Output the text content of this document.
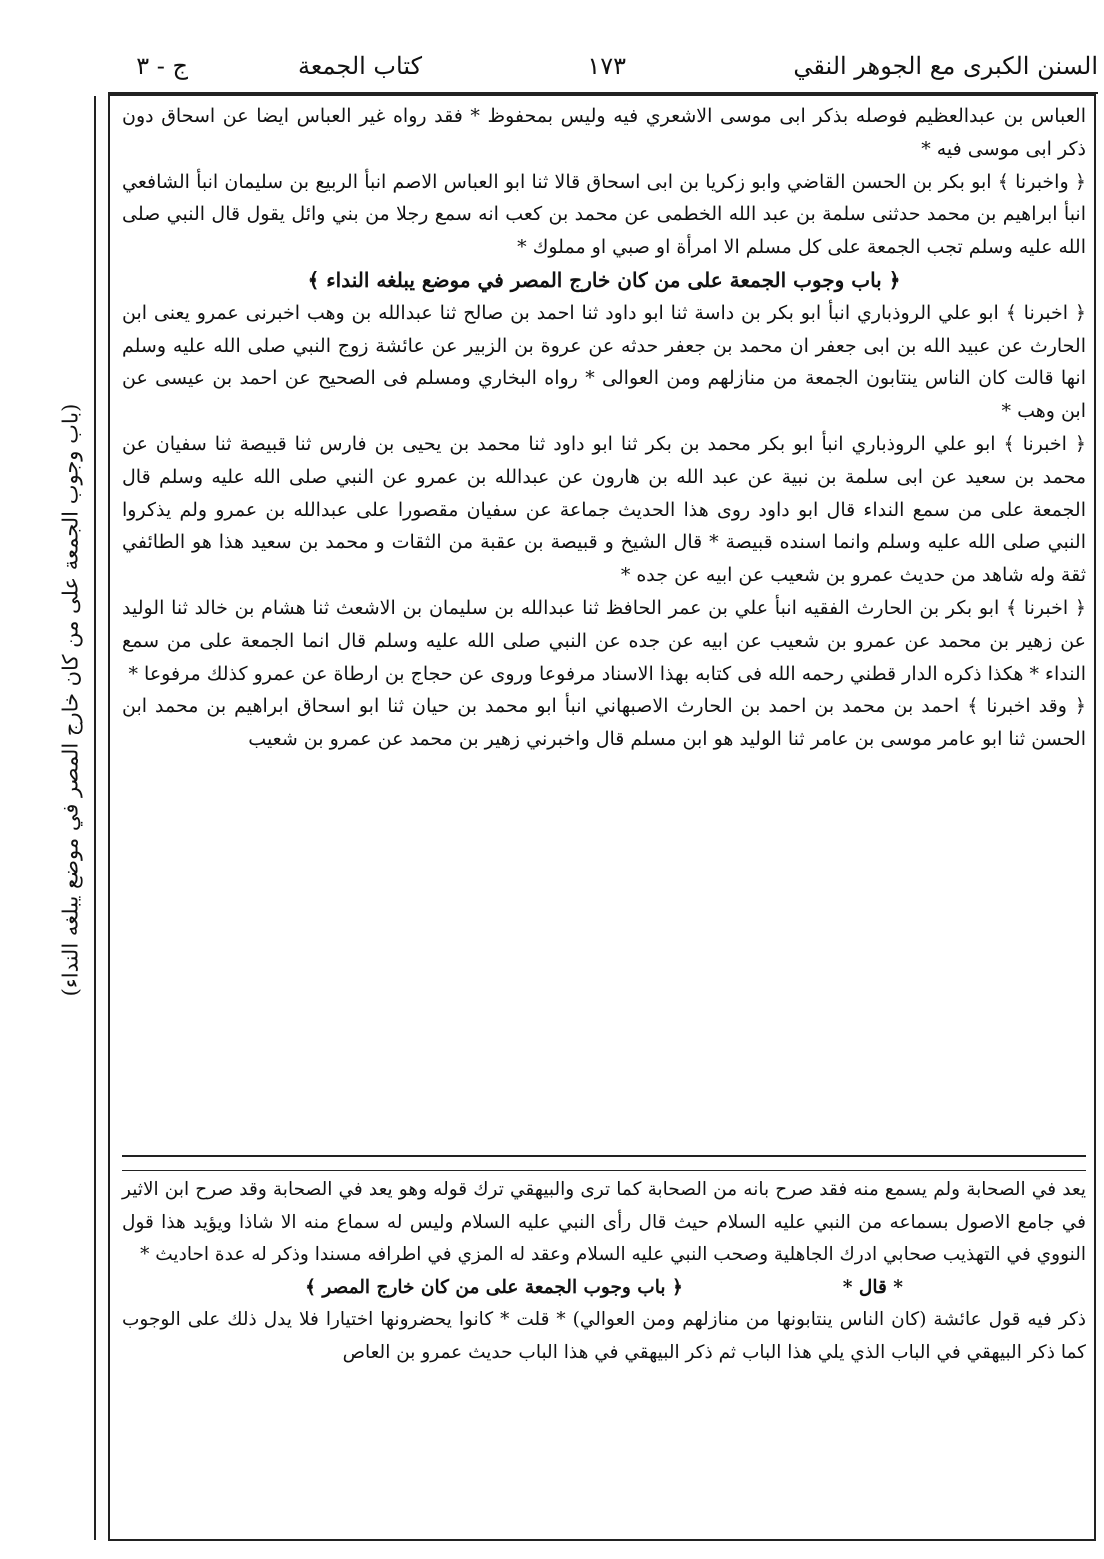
السنن الكبرى مع الجوهر النقي
١٧٣
كتاب الجمعة
ج - ٣
(باب وجوب الجمعة على من كان خارج المصر في موضع يبلغه النداء)

العباس بن عبدالعظيم فوصله بذكر ابى موسى الاشعري فيه وليس بمحفوظ * فقد رواه غير العباس ايضا عن اسحاق دون ذكر ابى موسى فيه *

﴿ واخبرنا ﴾ ابو بكر بن الحسن القاضي وابو زكريا بن ابى اسحاق قالا ثنا ابو العباس الاصم انبأ الربيع بن سليمان انبأ الشافعي انبأ ابراهيم بن محمد حدثنى سلمة بن عبد الله الخطمى عن محمد بن كعب انه سمع رجلا من بني وائل يقول قال النبي صلى الله عليه وسلم تجب الجمعة على كل مسلم الا امرأة او صبي او مملوك *

﴿ باب وجوب الجمعة على من كان خارج المصر في موضع يبلغه النداء ﴾

﴿ اخبرنا ﴾ ابو علي الروذباري انبأ ابو بكر بن داسة ثنا ابو داود ثنا احمد بن صالح ثنا عبدالله بن وهب اخبرنى عمرو يعنى ابن الحارث عن عبيد الله بن ابى جعفر ان محمد بن جعفر حدثه عن عروة بن الزبير عن عائشة زوج النبي صلى الله عليه وسلم انها قالت كان الناس ينتابون الجمعة من منازلهم ومن العوالى * رواه البخاري ومسلم فى الصحيح عن احمد بن عيسى عن ابن وهب *

﴿ اخبرنا ﴾ ابو علي الروذباري انبأ ابو بكر محمد بن بكر ثنا ابو داود ثنا محمد بن يحيى بن فارس ثنا قبيصة ثنا سفيان عن محمد بن سعيد عن ابى سلمة بن نبية عن عبد الله بن هارون عن عبدالله بن عمرو عن النبي صلى الله عليه وسلم قال الجمعة على من سمع النداء قال ابو داود روى هذا الحديث جماعة عن سفيان مقصورا على عبدالله بن عمرو ولم يذكروا النبي صلى الله عليه وسلم وانما اسنده قبيصة * قال الشيخ و قبيصة بن عقبة من الثقات و محمد بن سعيد هذا هو الطائفي ثقة وله شاهد من حديث عمرو بن شعيب عن ابيه عن جده *

﴿ اخبرنا ﴾ ابو بكر بن الحارث الفقيه انبأ علي بن عمر الحافظ ثنا عبدالله بن سليمان بن الاشعث ثنا هشام بن خالد ثنا الوليد عن زهير بن محمد عن عمرو بن شعيب عن ابيه عن جده عن النبي صلى الله عليه وسلم قال انما الجمعة على من سمع النداء * هكذا ذكره الدار قطني رحمه الله فى كتابه بهذا الاسناد مرفوعا وروى عن حجاج بن ارطاة عن عمرو كذلك مرفوعا *

﴿ وقد اخبرنا ﴾ احمد بن محمد بن احمد بن الحارث الاصبهاني انبأ ابو محمد بن حيان ثنا ابو اسحاق ابراهيم بن محمد ابن الحسن ثنا ابو عامر موسى بن عامر ثنا الوليد هو ابن مسلم قال واخبرني زهير بن محمد عن عمرو بن شعيب

يعد في الصحابة ولم يسمع منه فقد صرح بانه من الصحابة كما ترى والبيهقي ترك قوله وهو يعد في الصحابة وقد صرح ابن الاثير في جامع الاصول بسماعه من النبي عليه السلام حيث قال رأى النبي عليه السلام وليس له سماع منه الا شاذا ويؤيد هذا قول النووي في التهذيب صحابي ادرك الجاهلية وصحب النبي عليه السلام وعقد له المزي في اطرافه مسندا وذكر له عدة احاديث *

* قال *
﴿ باب وجوب الجمعة على من كان خارج المصر ﴾

ذكر فيه قول عائشة (كان الناس ينتابونها من منازلهم ومن العوالي) * قلت * كانوا يحضرونها اختيارا فلا يدل ذلك على الوجوب كما ذكر البيهقي في الباب الذي يلي هذا الباب ثم ذكر البيهقي في هذا الباب حديث عمرو بن العاص
